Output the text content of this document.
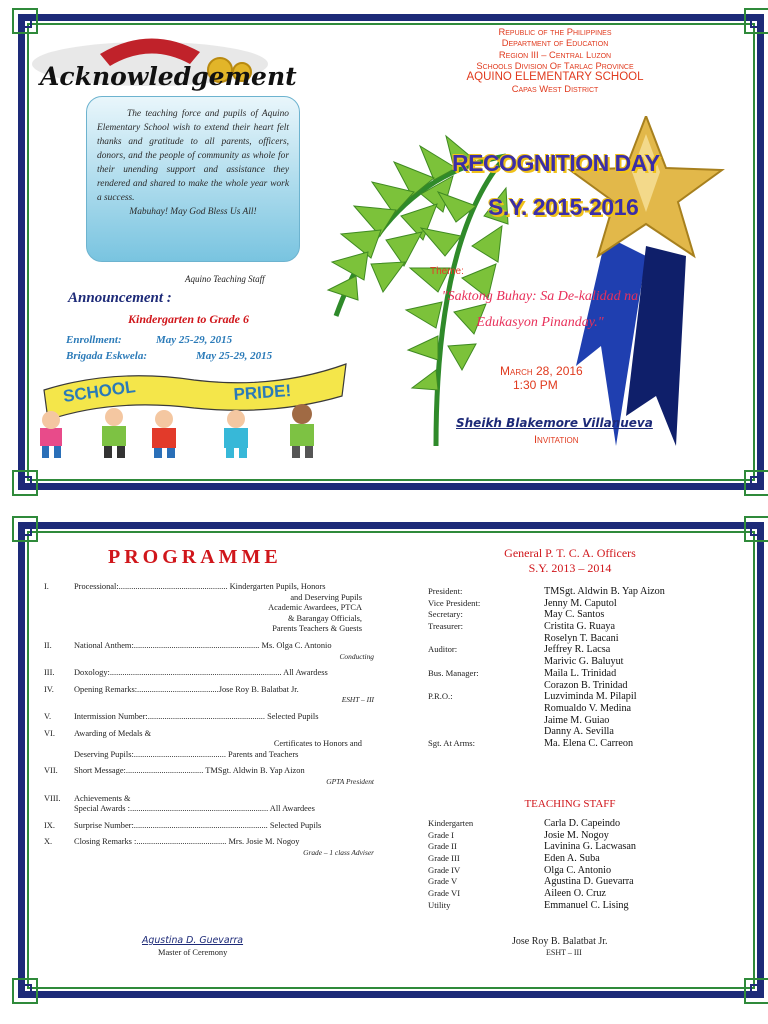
Acknowledgement

The teaching force and pupils of Aquino Elementary School wish to extend their heart felt thanks and gratitude to all parents, officers, donors, and the people of community as whole for their unending support and assistance they rendered and shared to make the whole year work a success.

Mabuhay! May God Bless Us All!

Aquino Teaching Staff
Announcement :
Kindergarten to Grade 6
Enrollment:	May 25-29, 2015
Brigada Eskwela:	May 25-29, 2015
SCHOOL	PRIDE!
Republic of the Philippines
Department of Education
Region III – Central Luzon
Schools Division Of Tarlac Province
AQUINO ELEMENTARY SCHOOL
Capas West District
RECOGNITION DAY
S.Y. 2015-2016
Theme:
"Saktong Buhay: Sa De-kalidad na Edukasyon Pinanday."
March 28, 2016
1:30 PM
Sheikh Blakemore Villanueva
Invitation
PROGRAMME
I.	Processional:.................................................... Kindergarten Pupils, Honors
and Deserving Pupils
Academic Awardees, PTCA
& Barangay Officials,
Parents Teachers & Guests
II.	National Anthem:............................................................ Ms. Olga C. Antonio
Conducting
III. Doxology:.................................................................................. All Awardess
IV. Opening Remarks:.......................................Jose Roy B. Balatbat Jr.
ESHT – III
V.	Intermission Number:........................................................ Selected Pupils
VI. Awarding of Medals &
Certificates to Honors and
Deserving Pupils:............................................ Parents and Teachers
VII. Short Message:..................................... TMSgt. Aldwin B. Yap Aizon
GPTA President
VIII. Achievements &
Special Awards :.................................................................. All Awardees
IX. Surprise Number:................................................................ Selected Pupils
X.	Closing Remarks :........................................... Mrs. Josie M. Nogoy
Grade – 1 class Adviser
Agustina D. Guevarra
Master of Ceremony
General P. T. C. A. Officers
S.Y. 2013 – 2014
President:	TMSgt. Aldwin B. Yap Aizon
Vice President:	Jenny M. Caputol
Secretary:	May C. Santos
Treasurer:	Cristita G. Ruaya
Roselyn T. Bacani
Auditor:	Jeffrey R. Lacsa
Marivic G. Baluyut
Bus. Manager:	Maila L. Trinidad
Corazon B. Trinidad
P.R.O.:	Luzviminda M. Pilapil
Romualdo V. Medina
Jaime M. Guiao
Danny A. Sevilla
Sgt. At Arms:	Ma. Elena C. Carreon
TEACHING STAFF
Kindergarten	Carla D. Capeindo
Grade I	Josie M. Nogoy
Grade II	Lavinina G. Lacwasan
Grade III	Eden A. Suba
Grade IV	Olga C. Antonio
Grade V	Agustina D. Guevarra
Grade VI	Aileen O. Cruz
Utility	Emmanuel C. Lising
Jose Roy B. Balatbat Jr.
ESHT – III
